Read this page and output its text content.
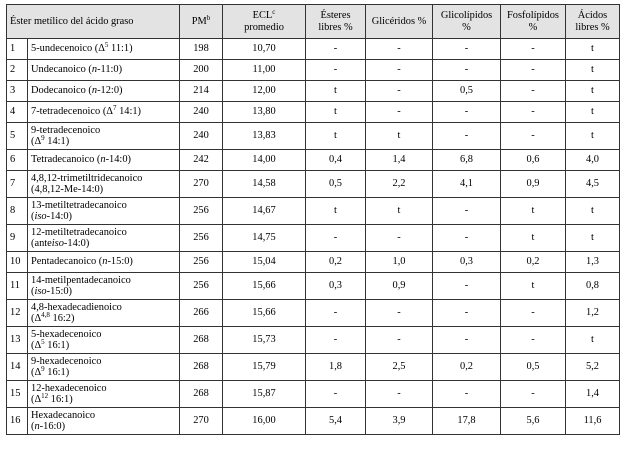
Éster metílico del ácido graso		$PM^b$	ECL$^c$
promedio	Ésteres libres %	Glicéridos %	Glicolípidos %	Fosfolípidos %	Ácidos libres %
1	5-undecenoico ($\Delta^5$ 11:1)	198	10,70	-	-	-	-	t
2	Undecanoico (n-11:0)	200	11,00	-	-	-	-	t
3	Dodecanoico (n-12:0)	214	12,00	t	-	0,5	-	t
4	7-tetradecenoico ($\Delta^7$ 14:1)	240	13,80	t	-	-	-	t
5	9-tetradecenoico
($\Delta^9$ 14:1)	240	13,83	t	t	-	-	t
6	Tetradecanoico (n-14:0)	242	14,00	0,4	1,4	6,8	0,6	4,0
7	4,8,12-trimetiltridecanoico
(4,8,12-Me-14:0)	270	14,58	0,5	2,2	4,1	0,9	4,5
8	13-metiltetradecanoico
(iso-14:0)	256	14,67	t	t	-	t	t
9	12-metiltetradecanoico
(anteiso-14:0)	256	14,75	-	-	-	t	t
10	Pentadecanoico (n-15:0)	256	15,04	0,2	1,0	0,3	0,2	1,3
11	14-metilpentadecanoico
(iso-15:0)	256	15,66	0,3	0,9	-	t	0,8
12	4,8-hexadecadienoico
($\Delta^{4,8}$ 16:2)	266	15,66	-	-	-	-	1,2
13	5-hexadecenoico
($\Delta^5$ 16:1)	268	15,73	-	-	-	-	t
14	9-hexadecenoico
($\Delta^9$ 16:1)	268	15,79	1,8	2,5	0,2	0,5	5,2
15	12-hexadecenoico
($\Delta^{12}$ 16:1)	268	15,87	-	-	-	-	1,4
16	Hexadecanoico
(n-16:0)	270	16,00	5,4	3,9	17,8	5,6	11,6
